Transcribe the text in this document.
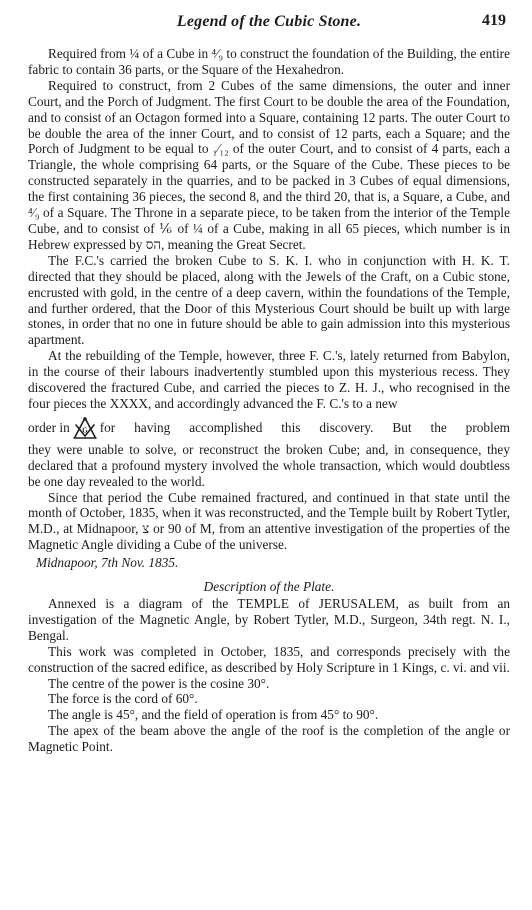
Legend of the Cubic Stone.	419

Required from ¼ of a Cube in ⁴⁄₉ to construct the foundation of the Building, the entire fabric to contain 36 parts, or the Square of the Hexahedron.

Required to construct, from 2 Cubes of the same dimensions, the outer and inner Court, and the Porch of Judgment. The first Court to be double the area of the Foundation, and to consist of an Octagon formed into a Square, containing 12 parts. The outer Court to be double the area of the inner Court, and to consist of 12 parts, each a Square; and the Porch of Judgment to be equal to ₁⁄₁₂ of the outer Court, and to consist of 4 parts, each a Triangle, the whole comprising 64 parts, or the Square of the Cube. These pieces to be constructed separately in the quarries, and to be packed in 3 Cubes of equal dimensions, the first containing 36 pieces, the second 8, and the third 20, that is, a Square, a Cube, and ⁴⁄₉ of a Square. The Throne in a separate piece, to be taken from the interior of the Temple Cube, and to consist of ⅙ of ¼ of a Cube, making in all 65 pieces, which number is in Hebrew expressed by הס, meaning the Great Secret.

The F.C.'s carried the broken Cube to S. K. I. who in conjunction with H. K. T. directed that they should be placed, along with the Jewels of the Craft, on a Cubic stone, encrusted with gold, in the centre of a deep cavern, within the foundations of the Temple, and further ordered, that the Door of this Mysterious Court should be built up with large stones, in order that no one in future should be able to gain admission into this mysterious apartment.

At the rebuilding of the Temple, however, three F. C.'s, lately returned from Babylon, in the course of their labours inadvertently stumbled upon this mysterious recess. They discovered the fractured Cube, and carried the pieces to Z. H. J., who recognised in the four pieces the XXXX, and accordingly advanced the F. C.'s to a new

order in G for having accomplished this discovery. But the problem

they were unable to solve, or reconstruct the broken Cube; and, in consequence, they declared that a profound mystery involved the whole transaction, which would doubtless be one day revealed to the world.

Since that period the Cube remained fractured, and continued in that state until the month of October, 1835, when it was reconstructed, and the Temple built by Robert Tytler, M.D., at Midnapoor, צ or 90 of M, from an attentive investigation of the properties of the Magnetic Angle dividing a Cube of the universe.

Midnapoor, 7th Nov. 1835.

Description of the Plate.

Annexed is a diagram of the TEMPLE of JERUSALEM, as built from an investigation of the Magnetic Angle, by Robert Tytler, M.D., Surgeon, 34th regt. N. I., Bengal.

This work was completed in October, 1835, and corresponds precisely with the construction of the sacred edifice, as described by Holy Scripture in 1 Kings, c. vi. and vii.

The centre of the power is the cosine 30°.

The force is the cord of 60°.

The angle is 45°, and the field of operation is from 45° to 90°.

The apex of the beam above the angle of the roof is the completion of the angle or Magnetic Point.
